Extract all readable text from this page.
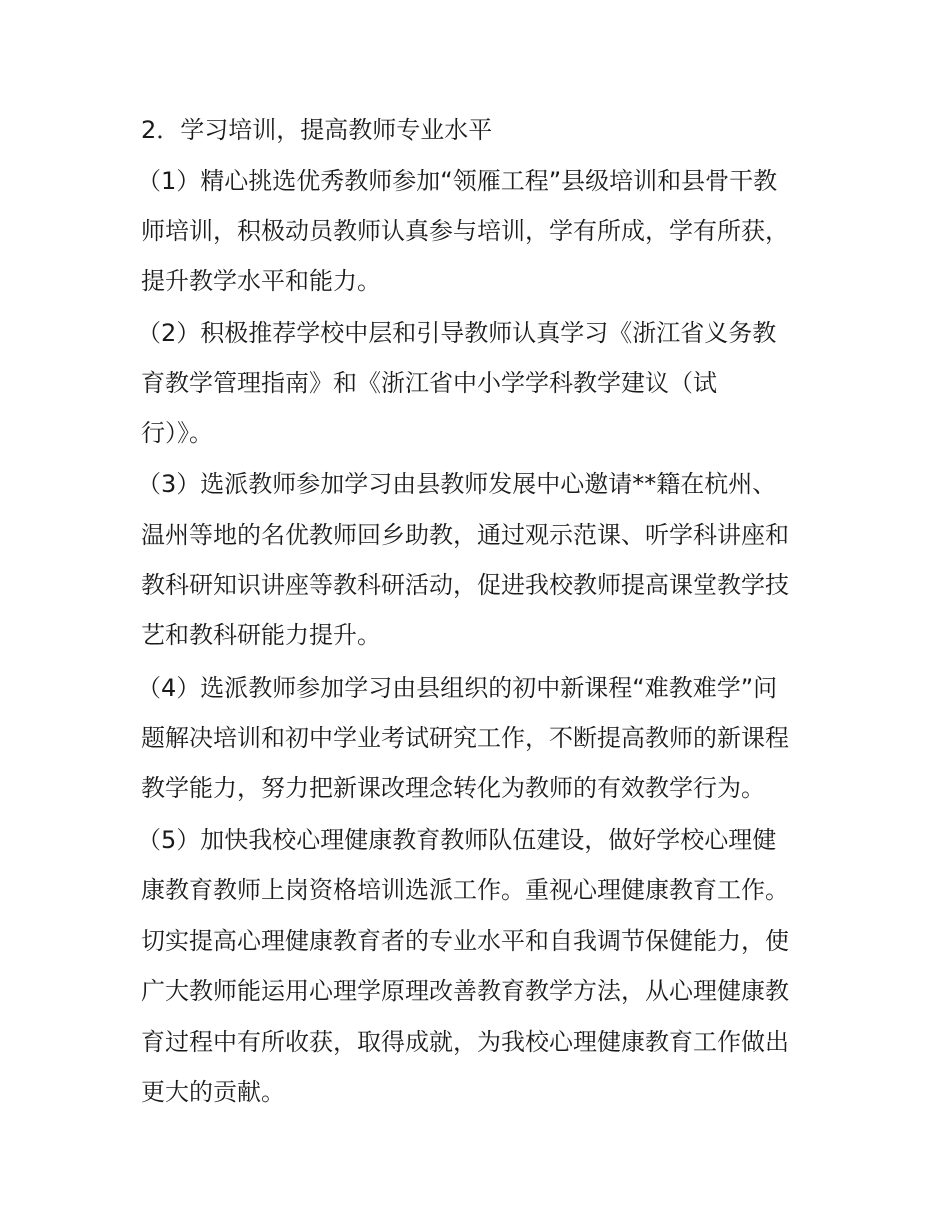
2．学习培训，提高教师专业水平
（1）精心挑选优秀教师参加“领雁工程”县级培训和县骨干教
师培训，积极动员教师认真参与培训，学有所成，学有所获，
提升教学水平和能力。
（2）积极推荐学校中层和引导教师认真学习《浙江省义务教
育教学管理指南》和《浙江省中小学学科教学建议（试
行）》。
（3）选派教师参加学习由县教师发展中心邀请**籍在杭州、
温州等地的名优教师回乡助教，通过观示范课、听学科讲座和
教科研知识讲座等教科研活动，促进我校教师提高课堂教学技
艺和教科研能力提升。
（4）选派教师参加学习由县组织的初中新课程“难教难学”问
题解决培训和初中学业考试研究工作，不断提高教师的新课程
教学能力，努力把新课改理念转化为教师的有效教学行为。
（5）加快我校心理健康教育教师队伍建设，做好学校心理健
康教育教师上岗资格培训选派工作。重视心理健康教育工作。
切实提高心理健康教育者的专业水平和自我调节保健能力，使
广大教师能运用心理学原理改善教育教学方法，从心理健康教
育过程中有所收获，取得成就，为我校心理健康教育工作做出
更大的贡献。
